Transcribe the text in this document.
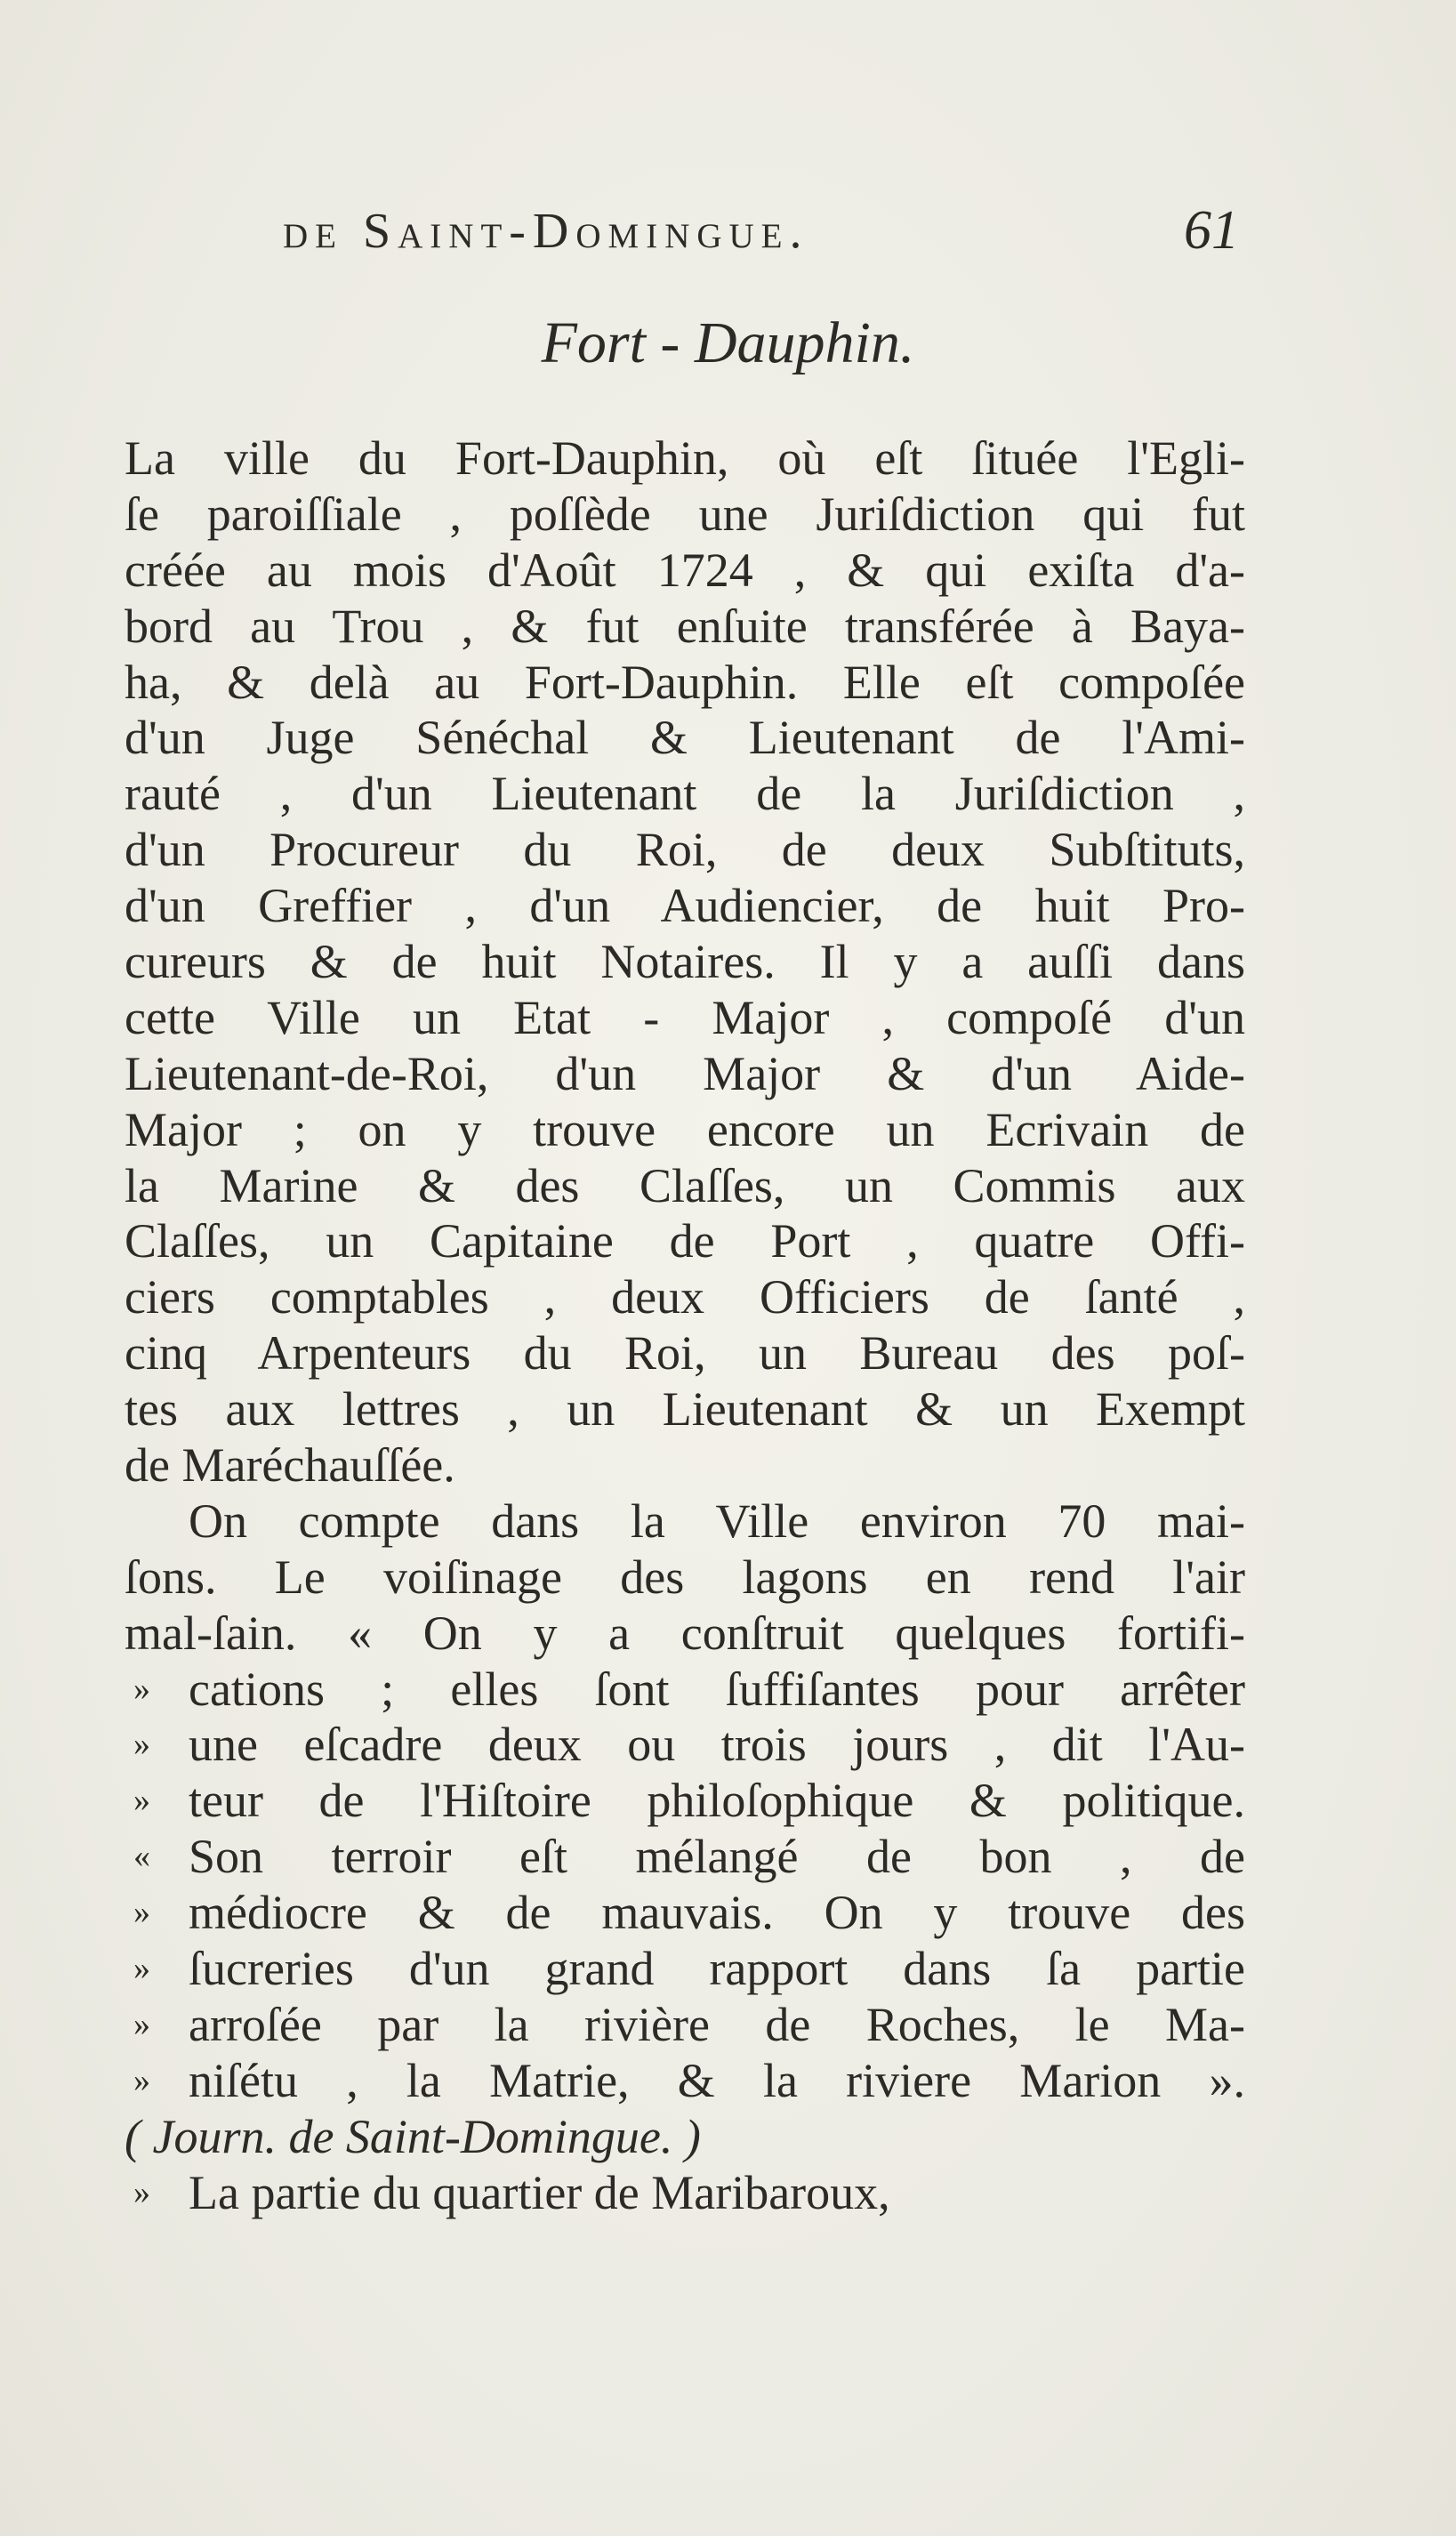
de Saint-Domingue.	61
Fort - Dauphin.
La ville du Fort-Dauphin, où eſt ſituée l'Egli-
ſe paroiſſiale , poſſède une Juriſdiction qui fut
créée au mois d'Août 1724 , & qui exiſta d'a-
bord au Trou , & fut enſuite transférée à Baya-
ha, & delà au Fort-Dauphin. Elle eſt compoſée
d'un Juge Sénéchal & Lieutenant de l'Ami-
rauté , d'un Lieutenant de la Juriſdiction ,
d'un Procureur du Roi, de deux Subſtituts,
d'un Greffier , d'un Audiencier, de huit Pro-
cureurs & de huit Notaires. Il y a auſſi dans
cette Ville un Etat - Major , compoſé d'un
Lieutenant-de-Roi, d'un Major & d'un Aide-
Major ; on y trouve encore un Ecrivain de
la Marine & des Claſſes, un Commis aux
Claſſes, un Capitaine de Port , quatre Offi-
ciers comptables , deux Officiers de ſanté ,
cinq Arpenteurs du Roi, un Bureau des poſ-
tes aux lettres , un Lieutenant & un Exempt
de Maréchauſſée.
On compte dans la Ville environ 70 mai-
ſons. Le voiſinage des lagons en rend l'air
mal-ſain. « On y a conſtruit quelques fortifi-
» cations ; elles ſont ſuffiſantes pour arrêter
» une eſcadre deux ou trois jours , dit l'Au-
» teur de l'Hiſtoire philoſophique & politique.
« Son terroir eſt mélangé de bon , de
» médiocre & de mauvais. On y trouve des
» ſucreries d'un grand rapport dans ſa partie
» arroſée par la rivière de Roches, le Ma-
» niſétu , la Matrie, & la riviere Marion ».
( Journ. de Saint-Domingue. )
» La partie du quartier de Maribaroux,
